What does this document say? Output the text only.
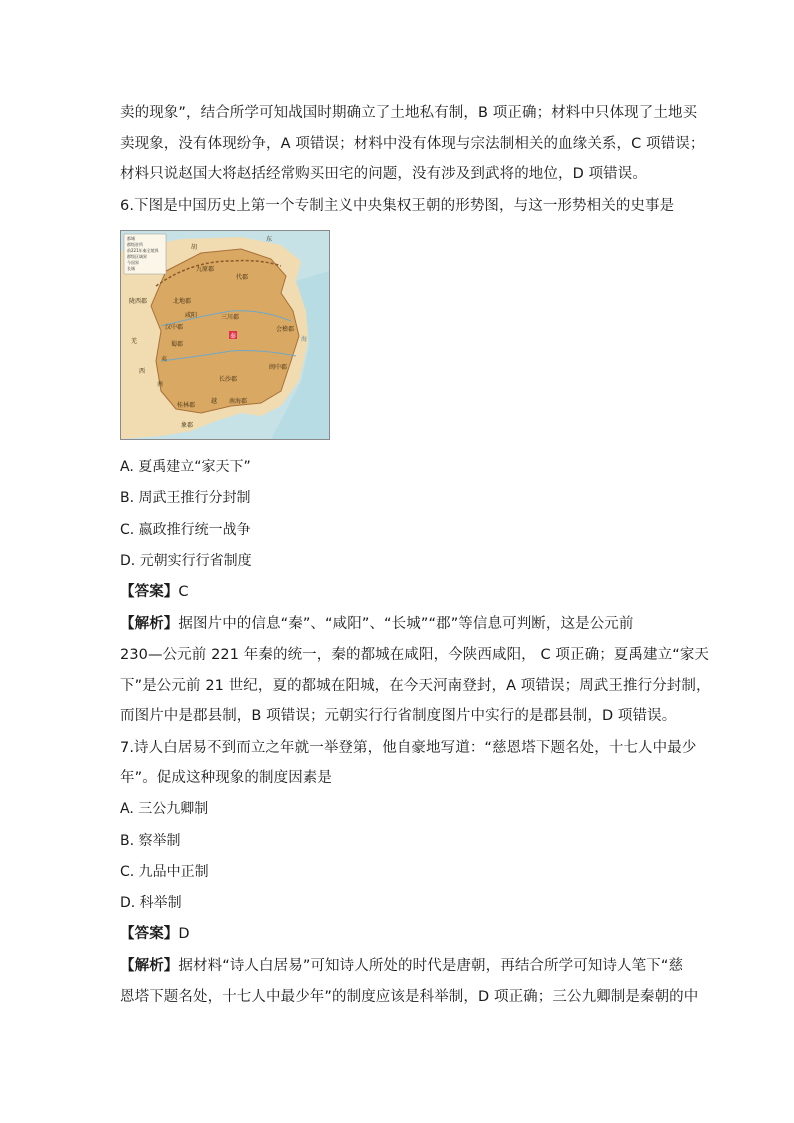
卖的现象”，结合所学可知战国时期确立了土地私有制，B 项正确；材料中只体现了土地买
卖现象，没有体现纷争，A 项错误；材料中没有体现与宗法制相关的血缘关系，C 项错误；
材料只说赵国大将赵括经常购买田宅的问题，没有涉及到武将的地位，D 项错误。
6.下图是中国历史上第一个专制主义中央集权王朝的形势图，与这一形势相关的史事是
都城
郡级驻所
前221年秦全境界
郡级区域界
今国界
长城
东
胡
九原郡
代郡
陇西郡	北地郡
咸阳	三川郡
汉中郡
秦
蜀郡
会稽郡
羌
长沙郡
闽中郡
西
南海郡
桂林郡
象郡
越
南
夷
海
A. 夏禹建立“家天下”
B. 周武王推行分封制
C. 嬴政推行统一战争
D. 元朝实行行省制度
【答案】C
【解析】据图片中的信息“秦”、“咸阳”、“长城”“郡”等信息可判断，这是公元前
230—公元前 221 年秦的统一，秦的都城在咸阳，今陕西咸阳， C 项正确；夏禹建立“家天
下”是公元前 21 世纪，夏的都城在阳城，在今天河南登封，A 项错误；周武王推行分封制，
而图片中是郡县制，B 项错误；元朝实行行省制度图片中实行的是郡县制，D 项错误。
7.诗人白居易不到而立之年就一举登第，他自豪地写道：“慈恩塔下题名处，十七人中最少
年”。促成这种现象的制度因素是
A. 三公九卿制
B. 察举制
C. 九品中正制
D. 科举制
【答案】D
【解析】据材料“诗人白居易”可知诗人所处的时代是唐朝，再结合所学可知诗人笔下“慈
恩塔下题名处，十七人中最少年”的制度应该是科举制，D 项正确；三公九卿制是秦朝的中
